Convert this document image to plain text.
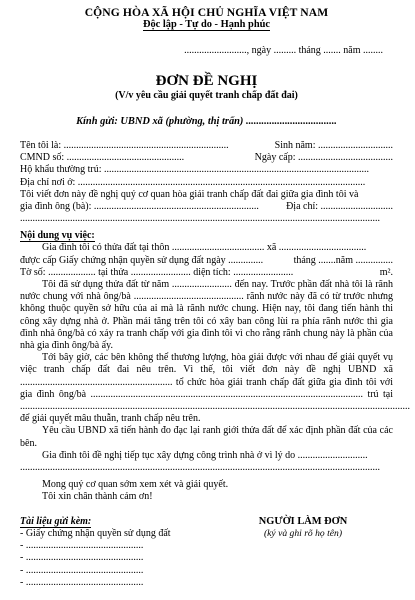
CỘNG HÒA XÃ HỘI CHỦ NGHĨA VIỆT NAM
Độc lập - Tự do - Hạnh phúc
........................., ngày ......... tháng ....... năm ........
ĐƠN ĐỀ NGHỊ
(V/v yêu cầu giải quyết tranh chấp đất đai)
Kính gửi: UBND xã (phường, thị trấn) ...................................
Tên tôi là: ..................................................................	Sinh năm: ..............................
CMND số: ...............................................	Ngày cấp: ......................................
Hộ khẩu thường trú: ..........................................................................................................
Địa chỉ nơi ở: ...................................................................................................................
Tôi viết đơn này đề nghị quý cơ quan hòa giải tranh chấp đất đai giữa gia đình tôi và
gia đình ông (bà): ..................................................................	Địa chỉ: .............................
................................................................................................................................................
Nội dung vụ việc:
Gia đình tôi có thửa đất tại thôn ..................................... xã ...................................
được cấp Giấy chứng nhận quyền sử dụng đất ngày ..............	tháng .......năm ...............
Tờ số: ................... tại thửa ........................ diện tích: ........................	m².
Tôi đã sử dụng thửa đất từ năm ........................ đến nay. Trước phần đất nhà tôi là rãnh nước chung với nhà ông/bà ............................................ rãnh nước này đã có từ trước nhưng không thuộc quyền sở hữu của ai mà là rãnh nước chung. Hiện nay, tôi đang tiến hành thi công xây dựng nhà ở. Phần mái tăng trên tôi có xây ban công lùi ra phía rãnh nước thì gia đình nhà ông/bà có xảy ra tranh chấp với gia đình tôi vì cho rằng rãnh chung này là phần của nhà gia đình ông/bà ấy.
Tới bây giờ, các bên không thể thương lượng, hòa giải được với nhau để giải quyết vụ việc tranh chấp đất đai nêu trên. Vì thế, tôi viết đơn này đề nghị UBND xã ............................................................. tổ chức hòa giải tranh chấp đất giữa gia đình tôi với gia đình ông/bà ............................................................................................................. trú tại ............................................................................................................................................................ để giải quyết mâu thuẫn, tranh chấp nêu trên.
Yêu cầu UBND xã tiến hành đo đạc lại ranh giới thửa đất để xác định phần đất của các bên.
Gia đình tôi đề nghị tiếp tục xây dựng công trình nhà ở vì lý do ............................
................................................................................................................................................
Mong quý cơ quan sớm xem xét và giải quyết.
Tôi xin chân thành cảm ơn!
Tài liệu gửi kèm:
- Giấy chứng nhận quyền sử dụng đất
- ...............................................
- ...............................................
- ...............................................
- ...............................................
NGƯỜI LÀM ĐƠN
(ký và ghi rõ họ tên)
